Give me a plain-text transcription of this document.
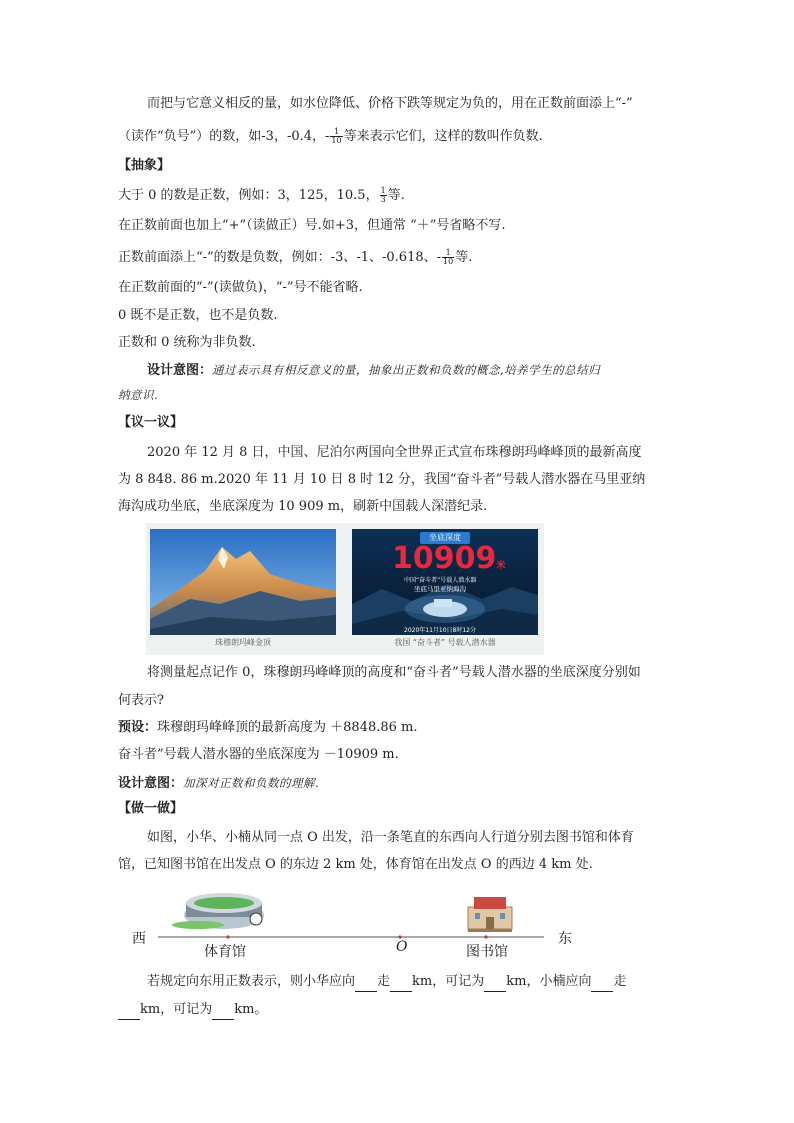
而把与它意义相反的量，如水位降低、价格下跌等规定为负的，用在正数前面添上“-”
（读作“负号”）的数，如-3，-0.4，- $\frac{1}{10}$ 等来表示它们，这样的数叫作负数.
【抽象】
大于 0 的数是正数，例如：3，125，10.5， $\frac{1}{3}$ 等.
在正数前面也加上“+”（读做正）号.如+3，但通常 “＋”号省略不写.
正数前面添上“-”的数是负数，例如：-3、-1、-0.618、- $\frac{1}{10}$ 等.
在正数前面的“-”(读做负)，“-”号不能省略.
0 既不是正数，也不是负数.
正数和 0 统称为非负数.
设计意图：通过表示具有相反意义的量，抽象出正数和负数的概念,培养学生的总结归
纳意识.
【议一议】
2020 年 12 月 8 日，中国、尼泊尔两国向全世界正式宣布珠穆朗玛峰峰顶的最新高度
为 8 848. 86 m.2020 年 11 月 10 日 8 时 12 分，我国“奋斗者”号载人潜水器在马里亚纳
海沟成功坐底，坐底深度为 10 909 m，刷新中国载人深潜纪录.
珠穆朗玛峰金顶
坐底深度
10909米
中国“奋斗者”号载人潜水器
坐底马里亚纳海沟
2020年11月10日8时12分
我国 “奋斗者” 号载人潜水器
将测量起点记作 0，珠穆朗玛峰峰顶的高度和“奋斗者”号载人潜水器的坐底深度分别如
何表示?
预设：珠穆朗玛峰峰顶的最新高度为 ＋8848.86 m.
奋斗者”号载人潜水器的坐底深度为 －10909 m.
设计意图：加深对正数和负数的理解.
【做一做】
如图，小华、小楠从同一点 O 出发，沿一条笔直的东西向人行道分别去图书馆和体育
馆，已知图书馆在出发点 O 的东边 2 km 处，体育馆在出发点 O 的西边 4 km 处.
西	东
体育馆	O	图书馆
若规定向东用正数表示，则小华应向 走 km，可记为 km，小楠应向 走
km，可记为 km。
